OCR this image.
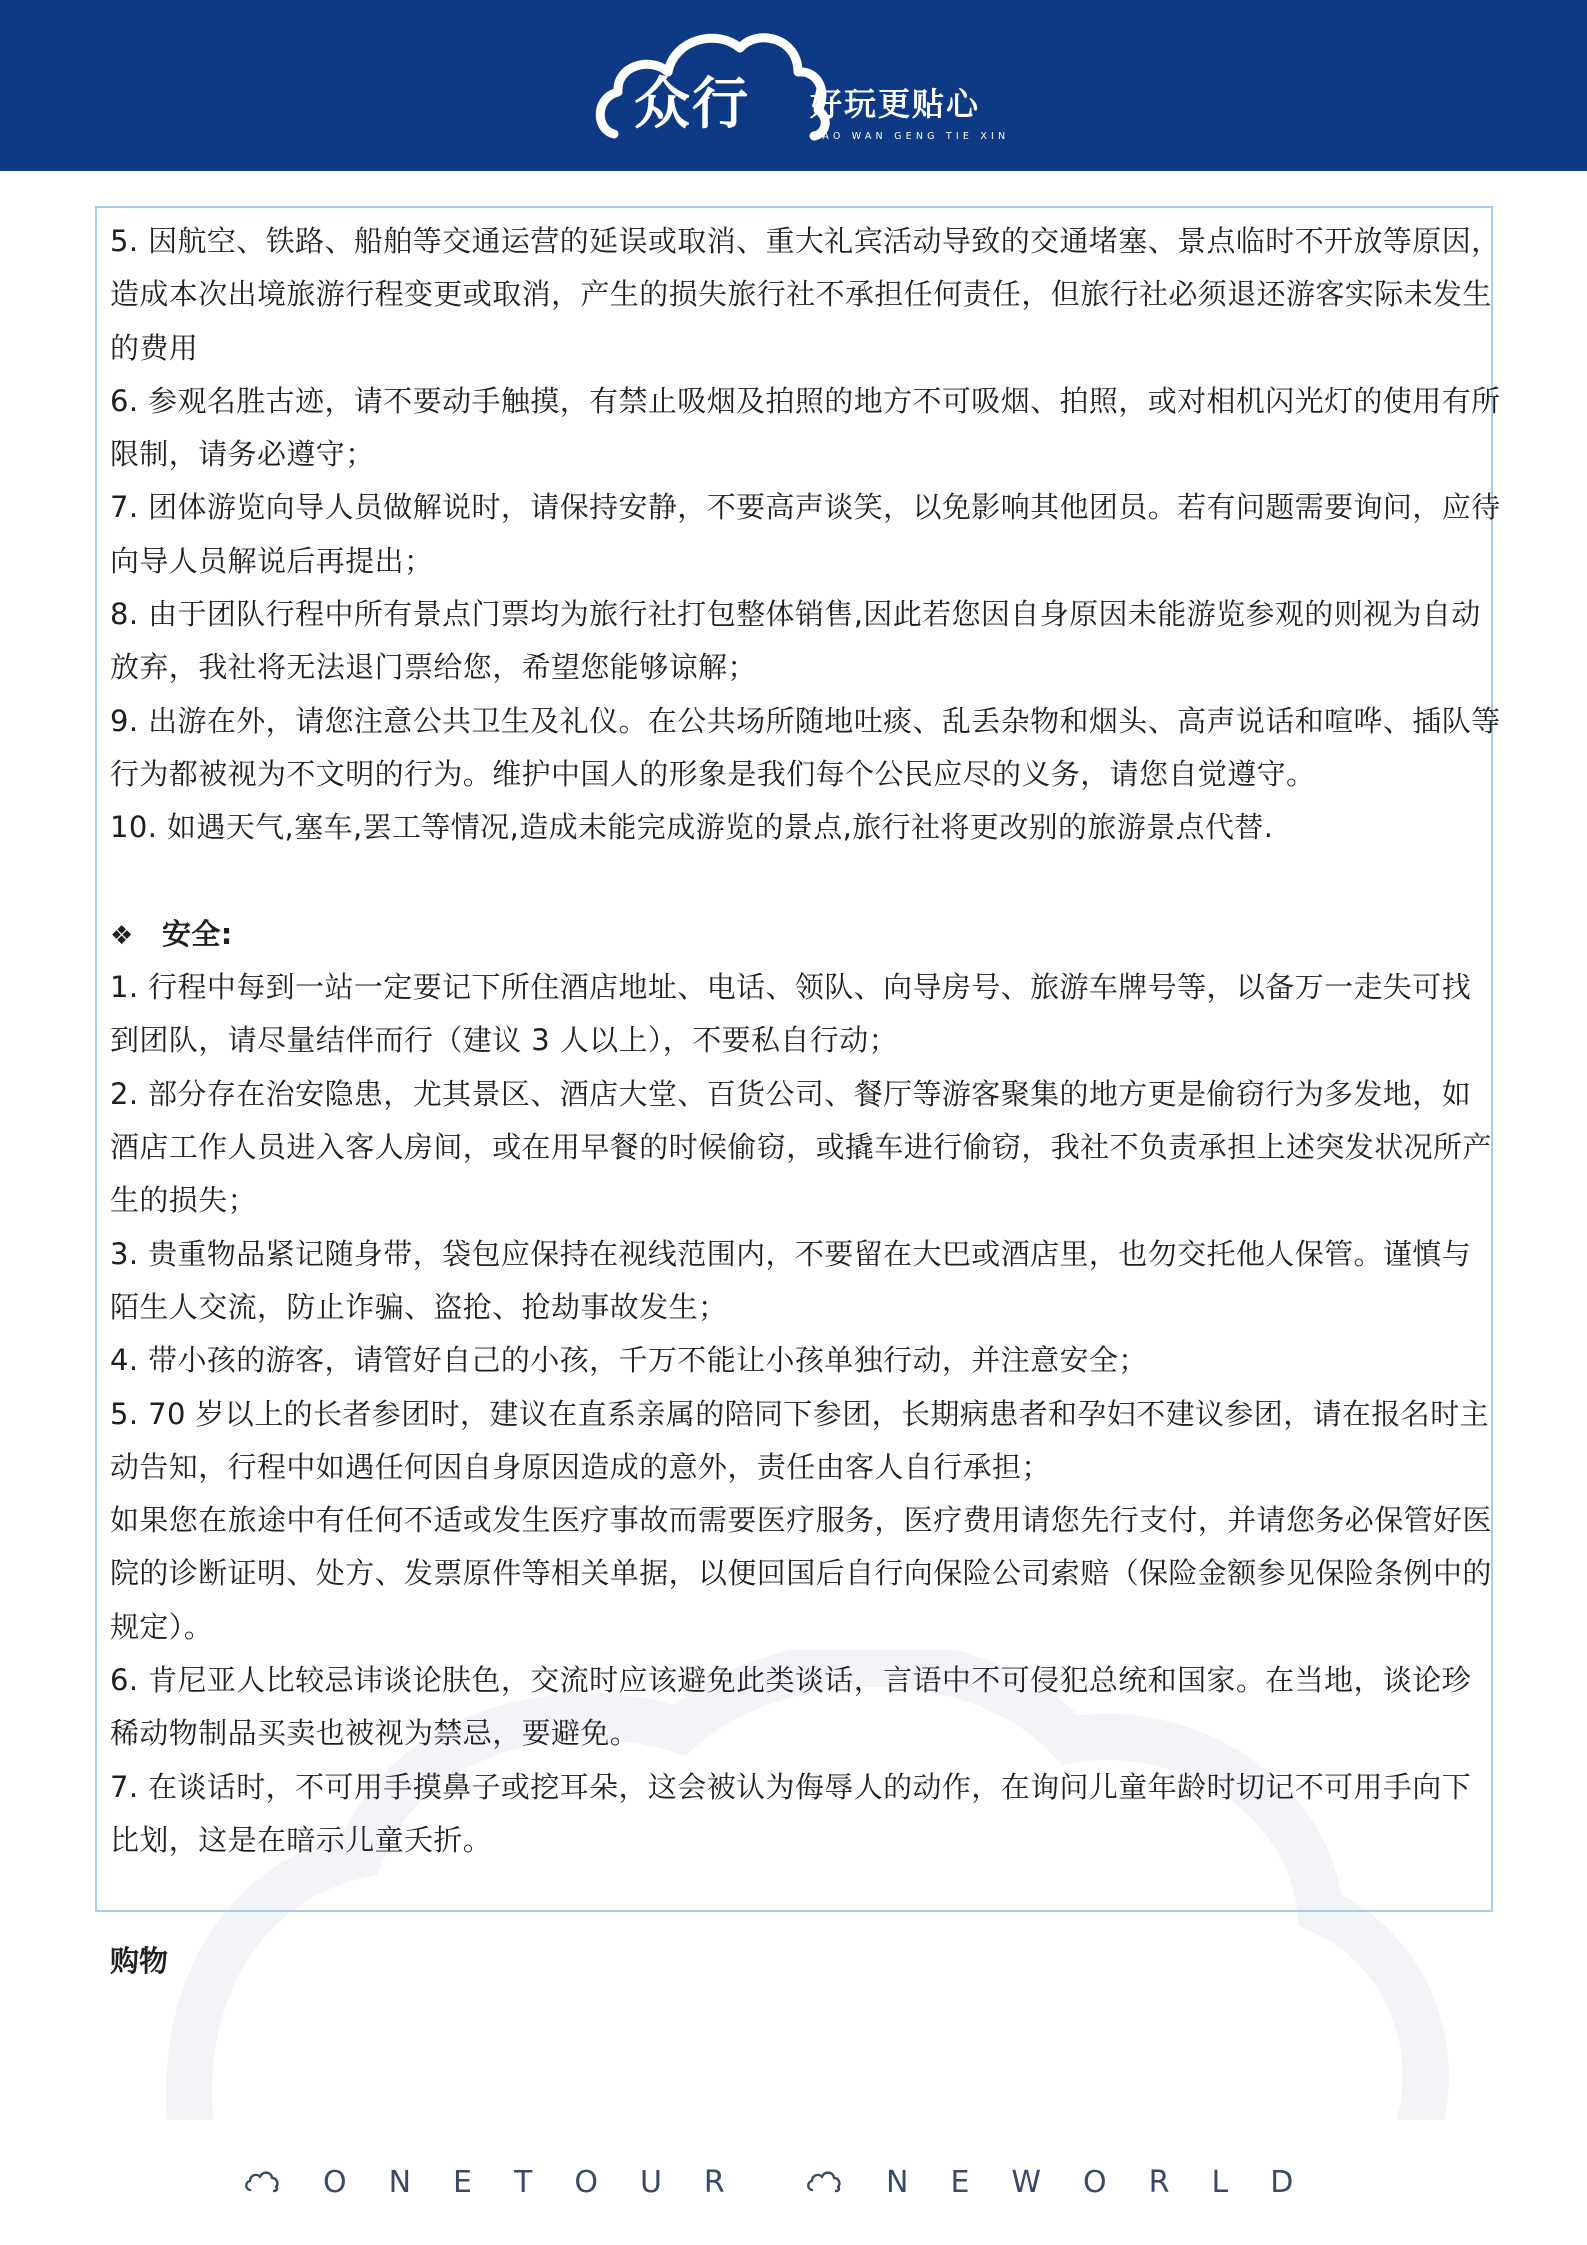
众行 好玩更贴心
HAO WAN GENG TIE XIN
5. 因航空、铁路、船舶等交通运营的延误或取消、重大礼宾活动导致的交通堵塞、景点临时不开放等原因，
造成本次出境旅游行程变更或取消，产生的损失旅行社不承担任何责任，但旅行社必须退还游客实际未发生
的费用
6. 参观名胜古迹，请不要动手触摸，有禁止吸烟及拍照的地方不可吸烟、拍照，或对相机闪光灯的使用有所
限制，请务必遵守；
7. 团体游览向导人员做解说时，请保持安静，不要高声谈笑，以免影响其他团员。若有问题需要询问，应待
向导人员解说后再提出；
8. 由于团队行程中所有景点门票均为旅行社打包整体销售,因此若您因自身原因未能游览参观的则视为自动
放弃，我社将无法退门票给您，希望您能够谅解；
9. 出游在外，请您注意公共卫生及礼仪。在公共场所随地吐痰、乱丢杂物和烟头、高声说话和喧哗、插队等
行为都被视为不文明的行为。维护中国人的形象是我们每个公民应尽的义务，请您自觉遵守。
10. 如遇天气,塞车,罢工等情况,造成未能完成游览的景点,旅行社将更改别的旅游景点代替.
❖ 安全:
1. 行程中每到一站一定要记下所住酒店地址、电话、领队、向导房号、旅游车牌号等，以备万一走失可找
到团队，请尽量结伴而行（建议 3 人以上），不要私自行动；
2. 部分存在治安隐患，尤其景区、酒店大堂、百货公司、餐厅等游客聚集的地方更是偷窃行为多发地，如
酒店工作人员进入客人房间，或在用早餐的时候偷窃，或撬车进行偷窃，我社不负责承担上述突发状况所产
生的损失；
3. 贵重物品紧记随身带，袋包应保持在视线范围内，不要留在大巴或酒店里，也勿交托他人保管。谨慎与
陌生人交流，防止诈骗、盗抢、抢劫事故发生；
4. 带小孩的游客，请管好自己的小孩，千万不能让小孩单独行动，并注意安全；
5. 70 岁以上的长者参团时，建议在直系亲属的陪同下参团，长期病患者和孕妇不建议参团，请在报名时主
动告知，行程中如遇任何因自身原因造成的意外，责任由客人自行承担；
如果您在旅途中有任何不适或发生医疗事故而需要医疗服务，医疗费用请您先行支付，并请您务必保管好医
院的诊断证明、处方、发票原件等相关单据，以便回国后自行向保险公司索赔（保险金额参见保险条例中的
规定）。
6. 肯尼亚人比较忌讳谈论肤色，交流时应该避免此类谈话，言语中不可侵犯总统和国家。在当地，谈论珍
稀动物制品买卖也被视为禁忌，要避免。
7. 在谈话时，不可用手摸鼻子或挖耳朵，这会被认为侮辱人的动作，在询问儿童年龄时切记不可用手向下
比划，这是在暗示儿童夭折。
购物
ONETOUR	NEWORLD
